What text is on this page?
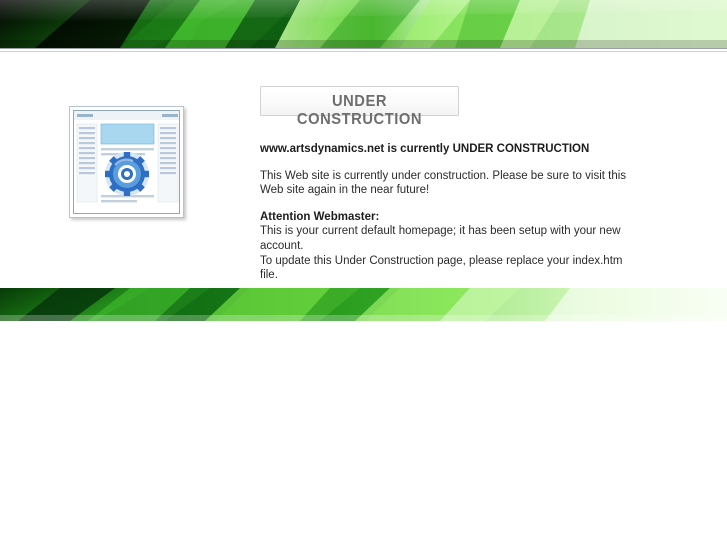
UNDER CONSTRUCTION

www.artsdynamics.net is currently UNDER CONSTRUCTION

This Web site is currently under construction. Please be sure to visit this Web site again in the near future!

Attention Webmaster:

This is your current default homepage; it has been setup with your new account.

To update this Under Construction page, please replace your index.htm file.
